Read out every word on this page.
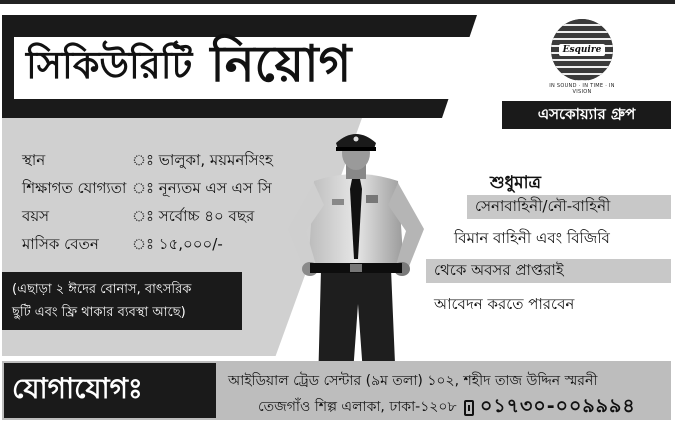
সিকিউরিটি নিয়োগ	Esquire
IN SOUND · IN TIME · IN VISION
এসকোয়্যার গ্রুপ
স্থান	ঃ ভালুকা, ময়মনসিংহ
শিক্ষাগত যোগ্যতা ঃ নূন্যতম এস এস সি
বয়স	ঃ সর্বোচ্চ ৪০ বছর
মাসিক বেতন ঃ ১৫,০০০/-
(এছাড়া ২ ঈদের বোনাস, বাৎসরিক
ছুটি এবং ফ্রি থাকার ব্যবস্থা আছে)
শুধুমাত্র
সেনাবাহিনী/নৌ-বাহিনী
বিমান বাহিনী এবং বিজিবি
থেকে অবসর প্রাপ্তরাই
আবেদন করতে পারবেন
যোগাযোগঃ	আইডিয়াল ট্রেড সেন্টার (৯ম তলা) ১০২, শহীদ তাজ উদ্দিন স্মরনী
তেজগাঁও শিল্প এলাকা, ঢাকা-১২০৮ ০১৭৩০-০০৯৯৯৪
